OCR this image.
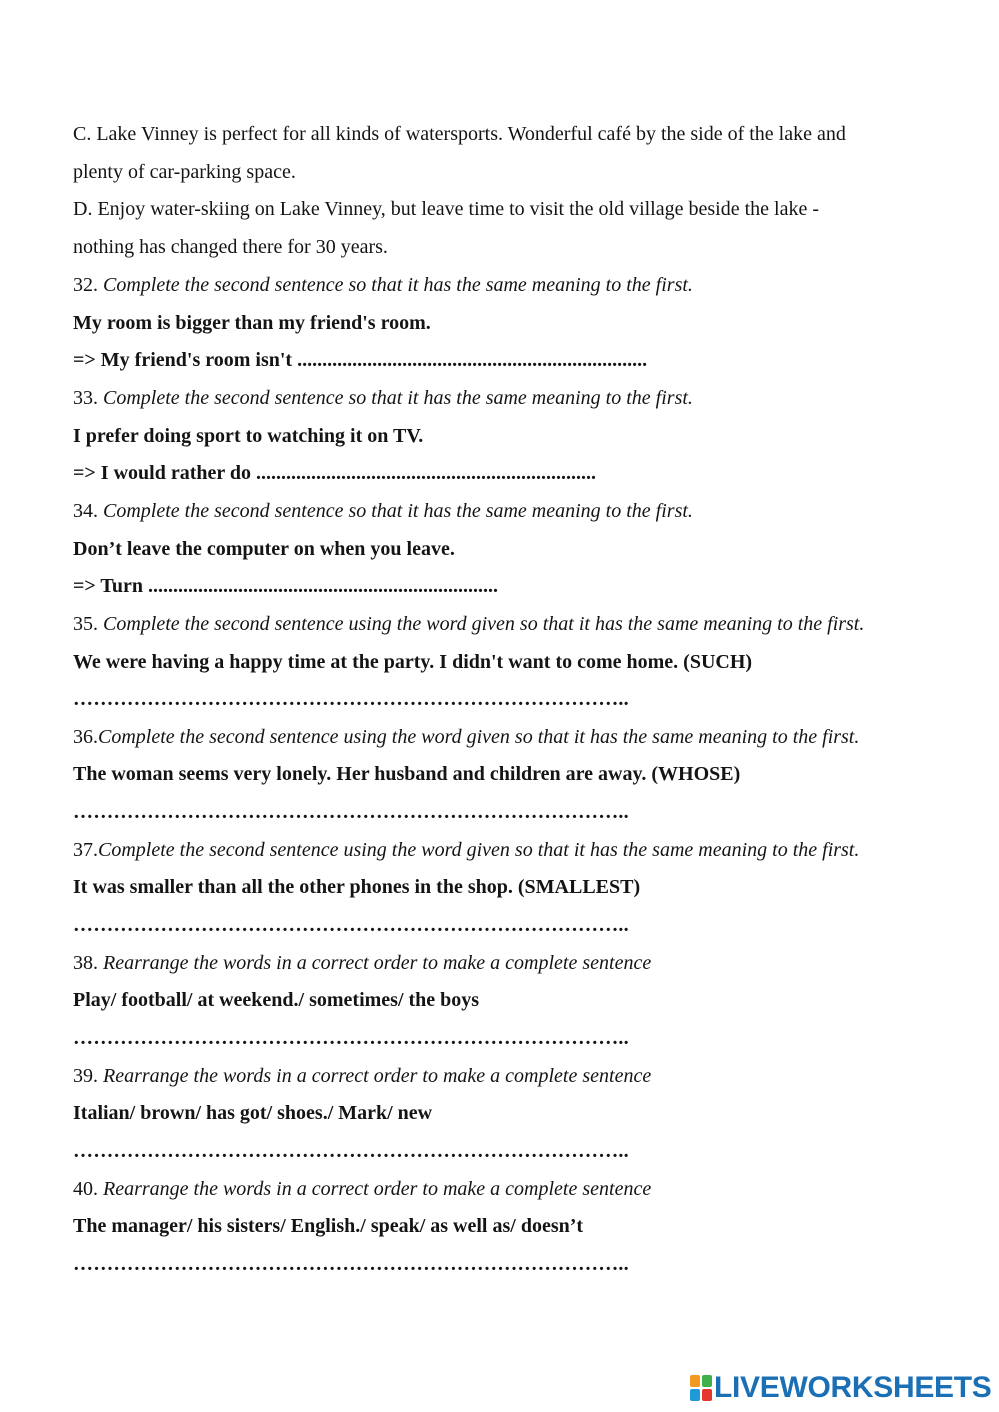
C. Lake Vinney is perfect for all kinds of watersports. Wonderful café by the side of the lake and
plenty of car-parking space.
D. Enjoy water-skiing on Lake Vinney, but leave time to visit the old village beside the lake -
nothing has changed there for 30 years.
32. Complete the second sentence so that it has the same meaning to the first.
My room is bigger than my friend's room.
=> My friend's room isn't ......................................................................
33. Complete the second sentence so that it has the same meaning to the first.
I prefer doing sport to watching it on TV.
=> I would rather do ....................................................................
34. Complete the second sentence so that it has the same meaning to the first.
Don’t leave the computer on when you leave.
=> Turn ......................................................................
35. Complete the second sentence using the word given so that it has the same meaning to the first.
We were having a happy time at the party. I didn't want to come home. (SUCH)
………………………………………………………………………..
36.Complete the second sentence using the word given so that it has the same meaning to the first.
The woman seems very lonely. Her husband and children are away. (WHOSE)
………………………………………………………………………..
37.Complete the second sentence using the word given so that it has the same meaning to the first.
It was smaller than all the other phones in the shop. (SMALLEST)
………………………………………………………………………..
38. Rearrange the words in a correct order to make a complete sentence
Play/ football/ at weekend./ sometimes/ the boys
………………………………………………………………………..
39. Rearrange the words in a correct order to make a complete sentence
Italian/ brown/ has got/ shoes./ Mark/ new
………………………………………………………………………..
40. Rearrange the words in a correct order to make a complete sentence
The manager/ his sisters/ English./ speak/ as well as/ doesn’t
………………………………………………………………………..
LIVEWORKSHEETS
